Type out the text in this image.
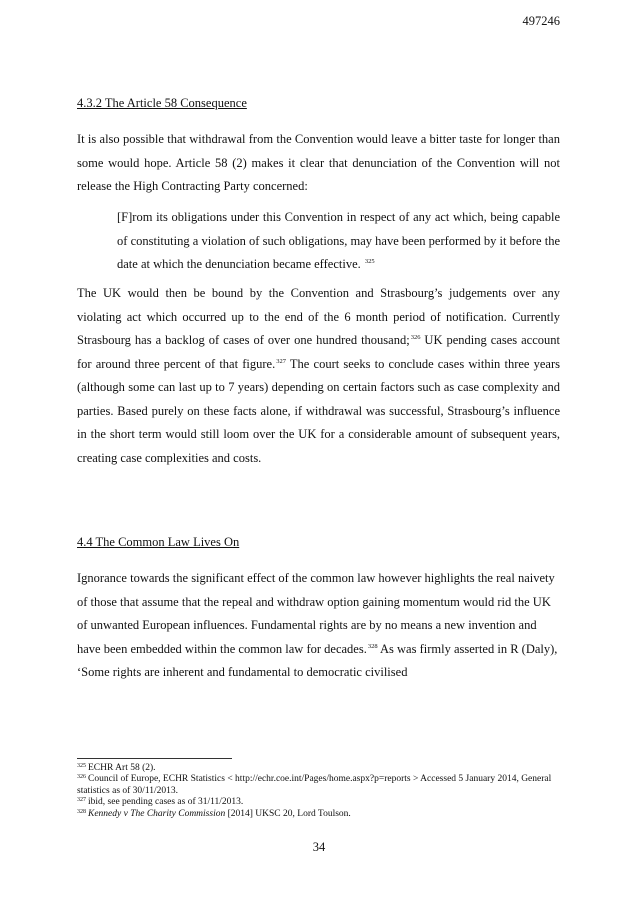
497246

4.3.2 The Article 58 Consequence

It is also possible that withdrawal from the Convention would leave a bitter taste for longer than some would hope. Article 58 (2) makes it clear that denunciation of the Convention will not release the High Contracting Party concerned:

[F]rom its obligations under this Convention in respect of any act which, being capable of constituting a violation of such obligations, may have been performed by it before the date at which the denunciation became effective. $^{325}$

The UK would then be bound by the Convention and Strasbourg’s judgements over any violating act which occurred up to the end of the 6 month period of notification. Currently Strasbourg has a backlog of cases of over one hundred thousand;$^{326}$ UK pending cases account for around three percent of that figure.$^{327}$ The court seeks to conclude cases within three years (although some can last up to 7 years) depending on certain factors such as case complexity and parties. Based purely on these facts alone, if withdrawal was successful, Strasbourg’s influence in the short term would still loom over the UK for a considerable amount of subsequent years, creating case complexities and costs.

4.4 The Common Law Lives On

Ignorance towards the significant effect of the common law however highlights the real naivety of those that assume that the repeal and withdraw option gaining momentum would rid the UK of unwanted European influences. Fundamental rights are by no means a new invention and have been embedded within the common law for decades.$^{328}$ As was firmly asserted in R (Daly), ‘Some rights are inherent and fundamental to democratic civilised

$^{325}$ ECHR Art 58 (2).

$^{326}$ Council of Europe, ECHR Statistics < http://echr.coe.int/Pages/home.aspx?p=reports > Accessed 5 January 2014, General statistics as of 30/11/2013.

$^{327}$ ibid, see pending cases as of 31/11/2013.

$^{328}$ Kennedy v The Charity Commission [2014] UKSC 20, Lord Toulson.

34
